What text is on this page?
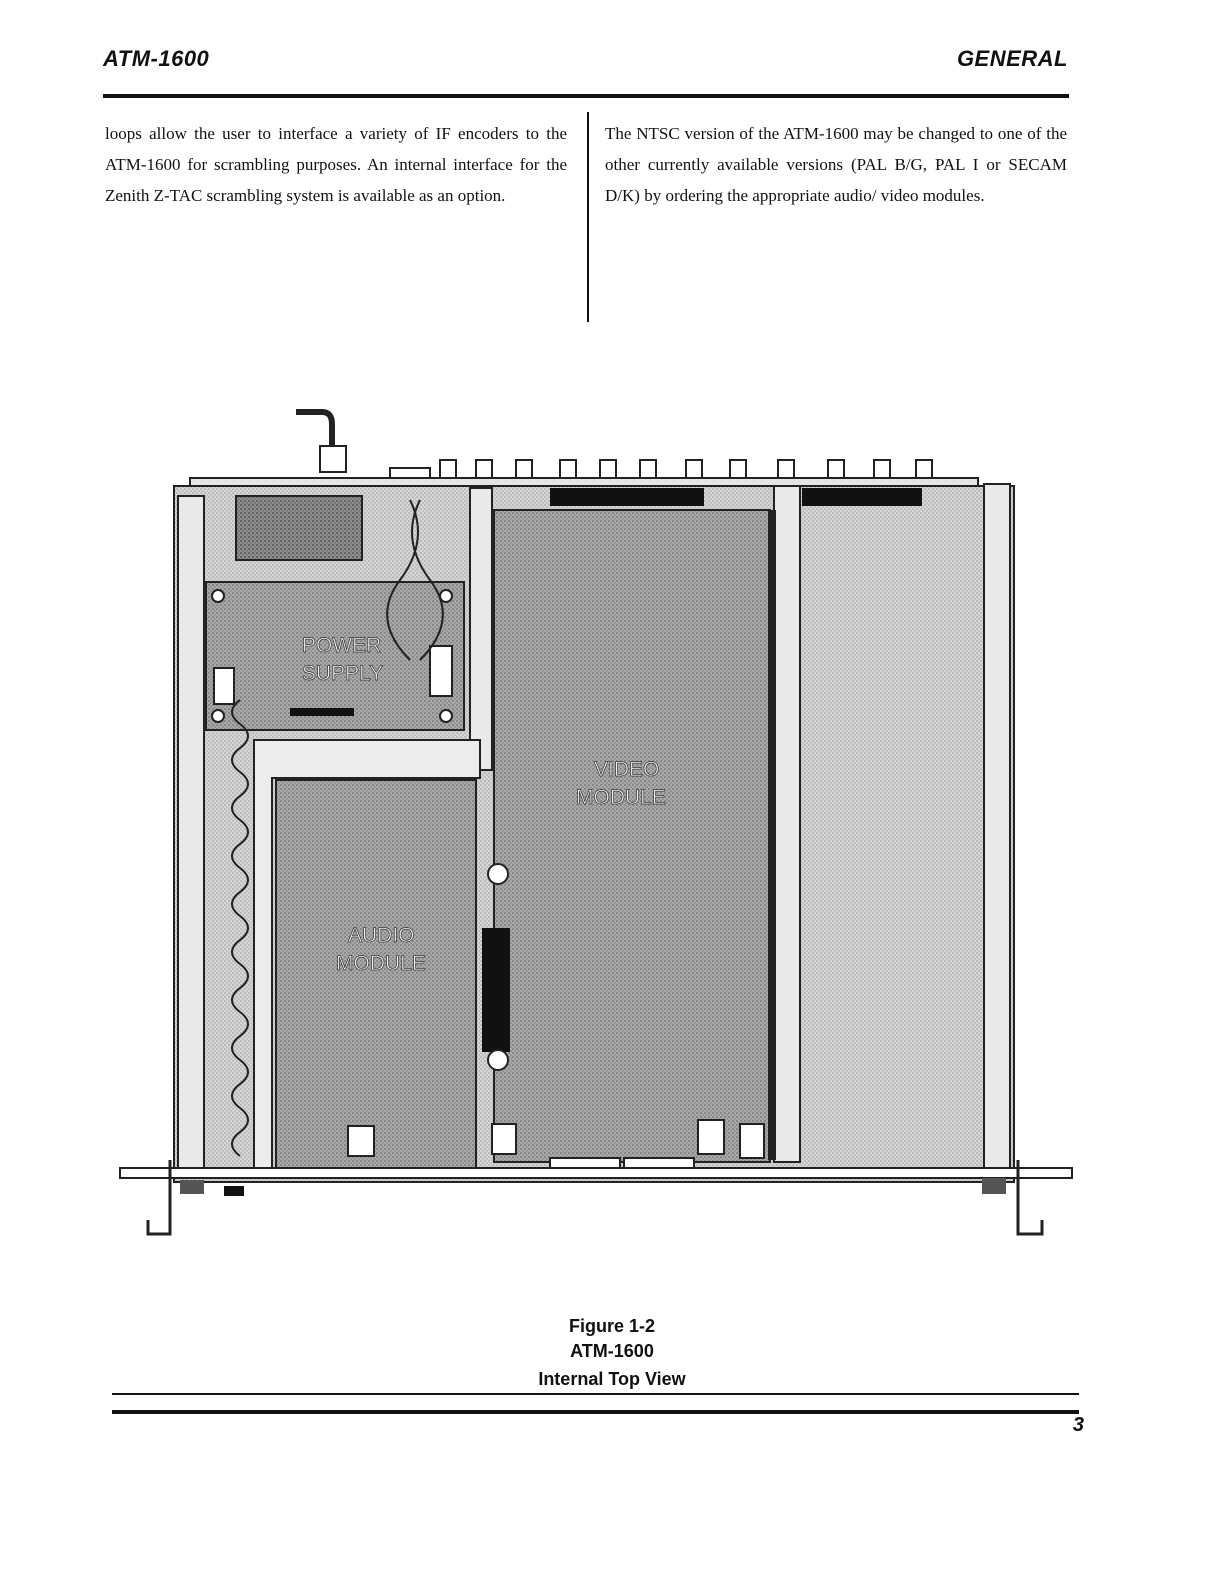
ATM-1600	GENERAL
loops allow the user to interface a variety of IF encoders to the ATM-1600 for scrambling purposes. An internal interface for the Zenith Z-TAC scrambling system is available as an option.
The NTSC version of the ATM-1600 may be changed to one of the other currently available versions (PAL B/G, PAL I or SECAM D/K) by ordering the appropriate audio/ video modules.
POWER
SUPPLY
VIDEO
MODULE
AUDIO
MODULE
Figure 1-2
ATM-1600
Internal Top View
3
